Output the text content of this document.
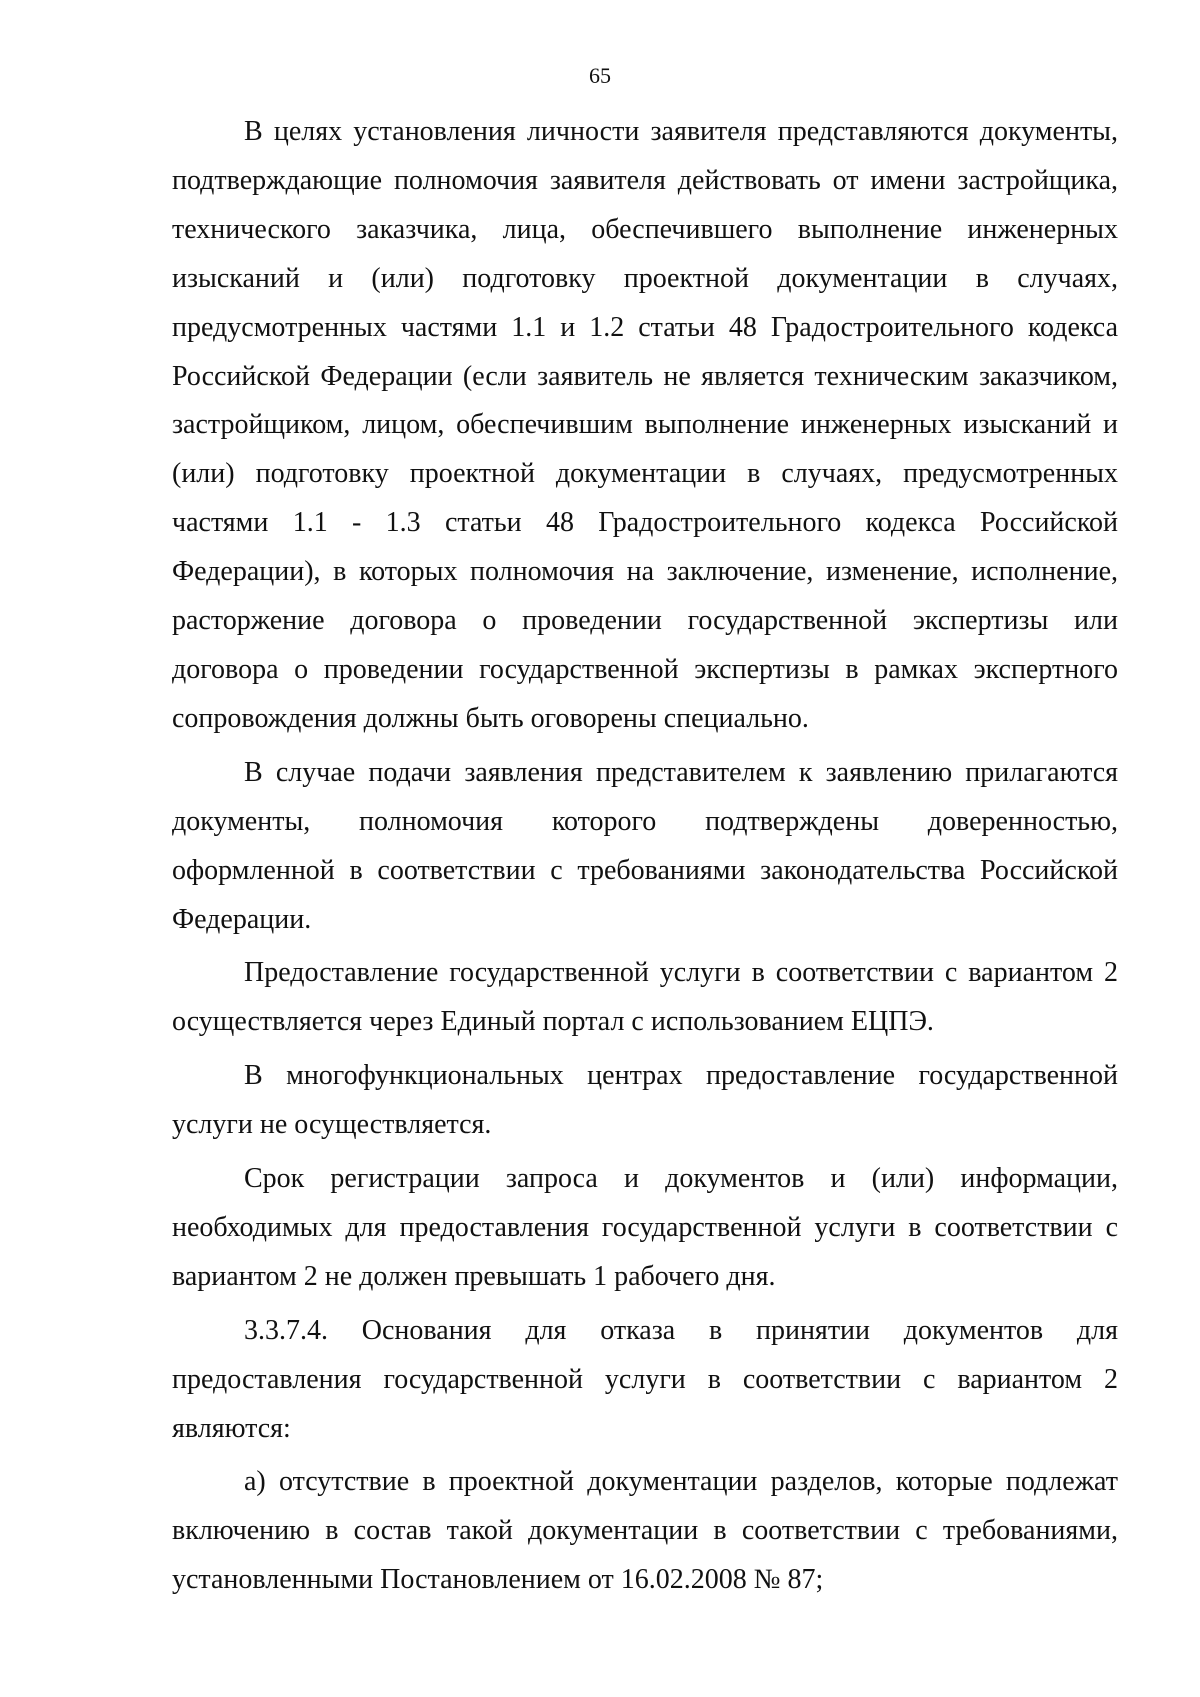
65

В целях установления личности заявителя представляются документы, подтверждающие полномочия заявителя действовать от имени застройщика, технического заказчика, лица, обеспечившего выполнение инженерных изысканий и (или) подготовку проектной документации в случаях, предусмотренных частями 1.1 и 1.2 статьи 48 Градостроительного кодекса Российской Федерации (если заявитель не является техническим заказчиком, застройщиком, лицом, обеспечившим выполнение инженерных изысканий и (или) подготовку проектной документации в случаях, предусмотренных частями 1.1 - 1.3 статьи 48 Градостроительного кодекса Российской Федерации), в которых полномочия на заключение, изменение, исполнение, расторжение договора о проведении государственной экспертизы или договора о проведении государственной экспертизы в рамках экспертного сопровождения должны быть оговорены специально.

В случае подачи заявления представителем к заявлению прилагаются документы, полномочия которого подтверждены доверенностью, оформленной в соответствии с требованиями законодательства Российской Федерации.

Предоставление государственной услуги в соответствии с вариантом 2 осуществляется через Единый портал с использованием ЕЦПЭ.

В многофункциональных центрах предоставление государственной услуги не осуществляется.

Срок регистрации запроса и документов и (или) информации, необходимых для предоставления государственной услуги в соответствии с вариантом 2 не должен превышать 1 рабочего дня.

3.3.7.4. Основания для отказа в принятии документов для предоставления государственной услуги в соответствии с вариантом 2 являются:

а) отсутствие в проектной документации разделов, которые подлежат включению в состав такой документации в соответствии с требованиями, установленными Постановлением от 16.02.2008 № 87;
